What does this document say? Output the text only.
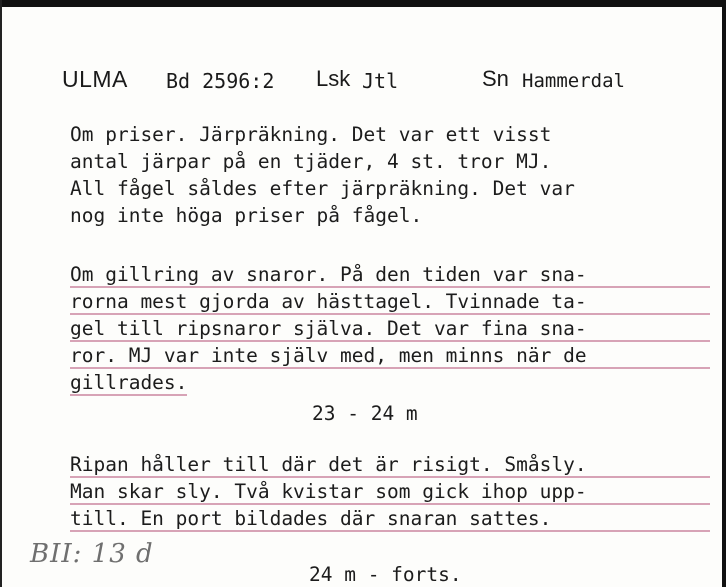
ULMA Bd 2596:2 Lsk Jtl	Sn Hammerdal
Om priser. Järpräkning. Det var ett visst
antal järpar på en tjäder, 4 st. tror MJ.
All fågel såldes efter järpräkning. Det var
nog inte höga priser på fågel.
Om gillring av snaror. På den tiden var sna-
rorna mest gjorda av hästtagel. Tvinnade ta-
gel till ripsnaror själva. Det var fina sna-
ror. MJ var inte själv med, men minns när de
gillrades.
23 - 24 m
Ripan håller till där det är risigt. Småsly.
Man skar sly. Två kvistar som gick ihop upp-
till. En port bildades där snaran sattes.
BII: 13 d
24 m - forts.
